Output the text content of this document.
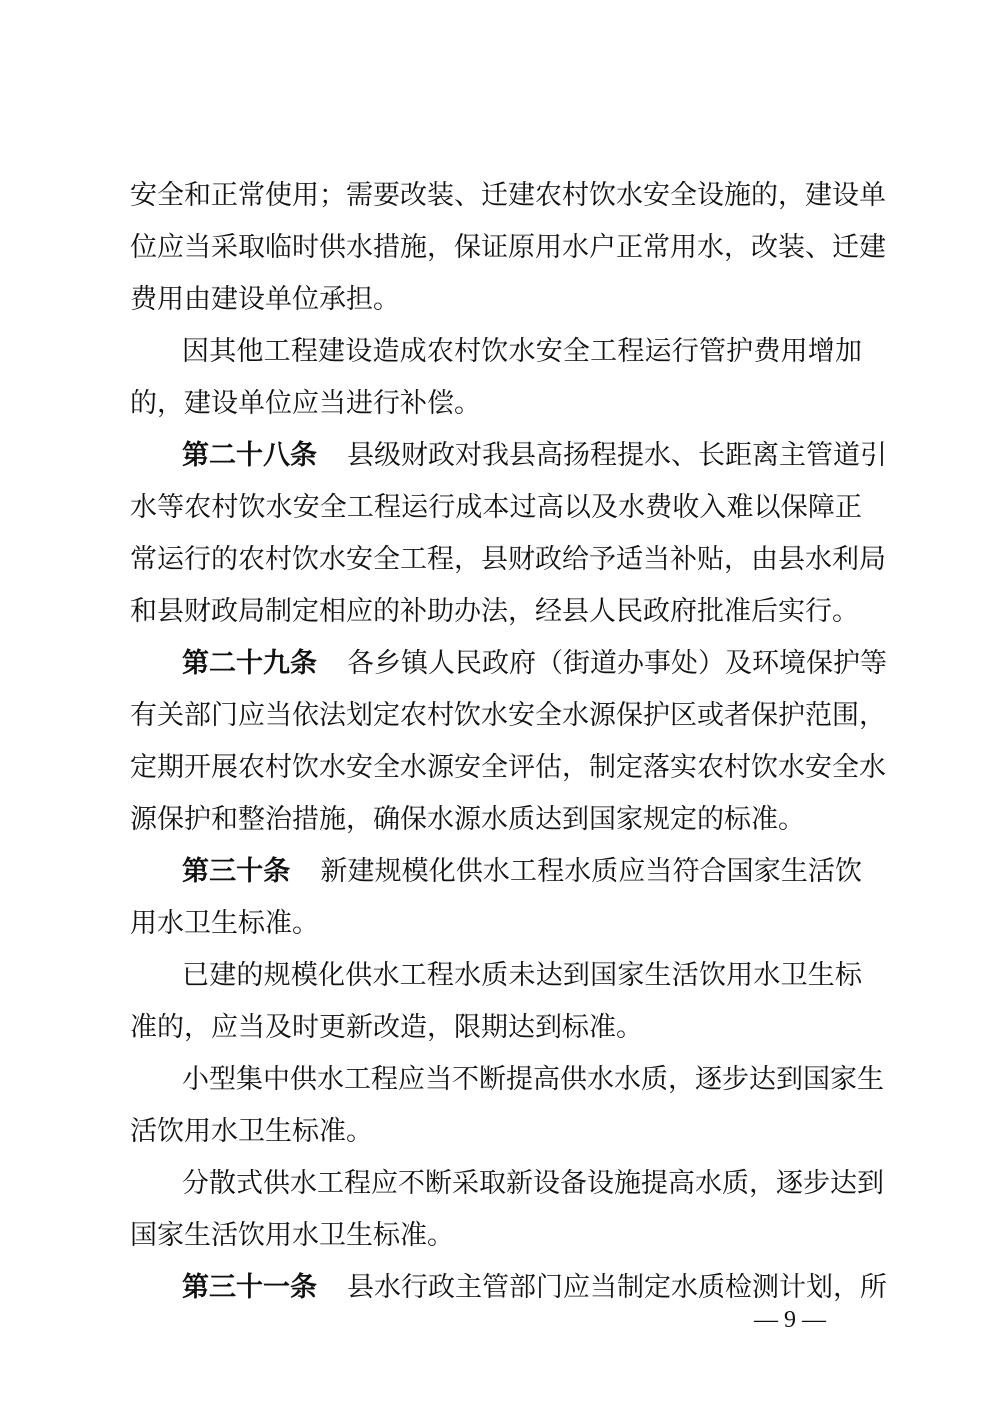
安全和正常使用；需要改装、迁建农村饮水安全设施的，建设单
位应当采取临时供水措施，保证原用水户正常用水，改装、迁建
费用由建设单位承担。
因其他工程建设造成农村饮水安全工程运行管护费用增加
的，建设单位应当进行补偿。
第二十八条 县级财政对我县高扬程提水、长距离主管道引
水等农村饮水安全工程运行成本过高以及水费收入难以保障正
常运行的农村饮水安全工程，县财政给予适当补贴，由县水利局
和县财政局制定相应的补助办法，经县人民政府批准后实行。
第二十九条 各乡镇人民政府（街道办事处）及环境保护等
有关部门应当依法划定农村饮水安全水源保护区或者保护范围，
定期开展农村饮水安全水源安全评估，制定落实农村饮水安全水
源保护和整治措施，确保水源水质达到国家规定的标准。
第三十条 新建规模化供水工程水质应当符合国家生活饮
用水卫生标准。
已建的规模化供水工程水质未达到国家生活饮用水卫生标
准的，应当及时更新改造，限期达到标准。
小型集中供水工程应当不断提高供水水质，逐步达到国家生
活饮用水卫生标准。
分散式供水工程应不断采取新设备设施提高水质，逐步达到
国家生活饮用水卫生标准。
第三十一条 县水行政主管部门应当制定水质检测计划，所
— 9 —
